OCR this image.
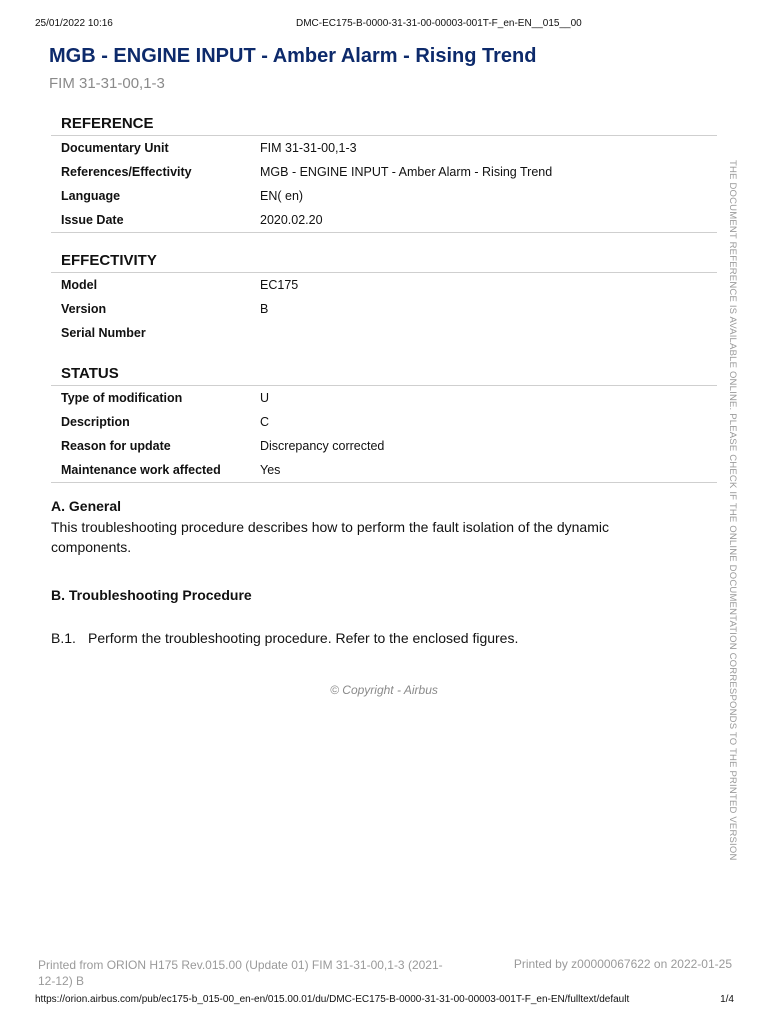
25/01/2022 10:16	DMC-EC175-B-0000-31-31-00-00003-001T-F_en-EN__015__00
MGB - ENGINE INPUT - Amber Alarm - Rising Trend
FIM 31-31-00,1-3
REFERENCE
Documentary Unit	FIM 31-31-00,1-3
References/Effectivity	MGB - ENGINE INPUT - Amber Alarm - Rising Trend
Language	EN( en)
Issue Date	2020.02.20
EFFECTIVITY
Model	EC175
Version	B
Serial Number
STATUS
Type of modification	U
Description	C
Reason for update	Discrepancy corrected
Maintenance work affected	Yes
A. General
This troubleshooting procedure describes how to perform the fault isolation of the dynamic components.
B. Troubleshooting Procedure
B.1. Perform the troubleshooting procedure. Refer to the enclosed figures.
© Copyright - Airbus	THE DOCUMENT REFERENCE IS AVAILABLE ONLINE. PLEASE CHECK IF THE ONLINE DOCUMENTATION CORRESPONDS TO THE PRINTED VERSION
Printed from ORION H175 Rev.015.00 (Update 01) FIM 31-31-00,1-3 (2021-12-12) B
Printed by z00000067622 on 2022-01-25
https://orion.airbus.com/pub/ec175-b_015-00_en-en/015.00.01/du/DMC-EC175-B-0000-31-31-00-00003-001T-F_en-EN/fulltext/default	1/4
